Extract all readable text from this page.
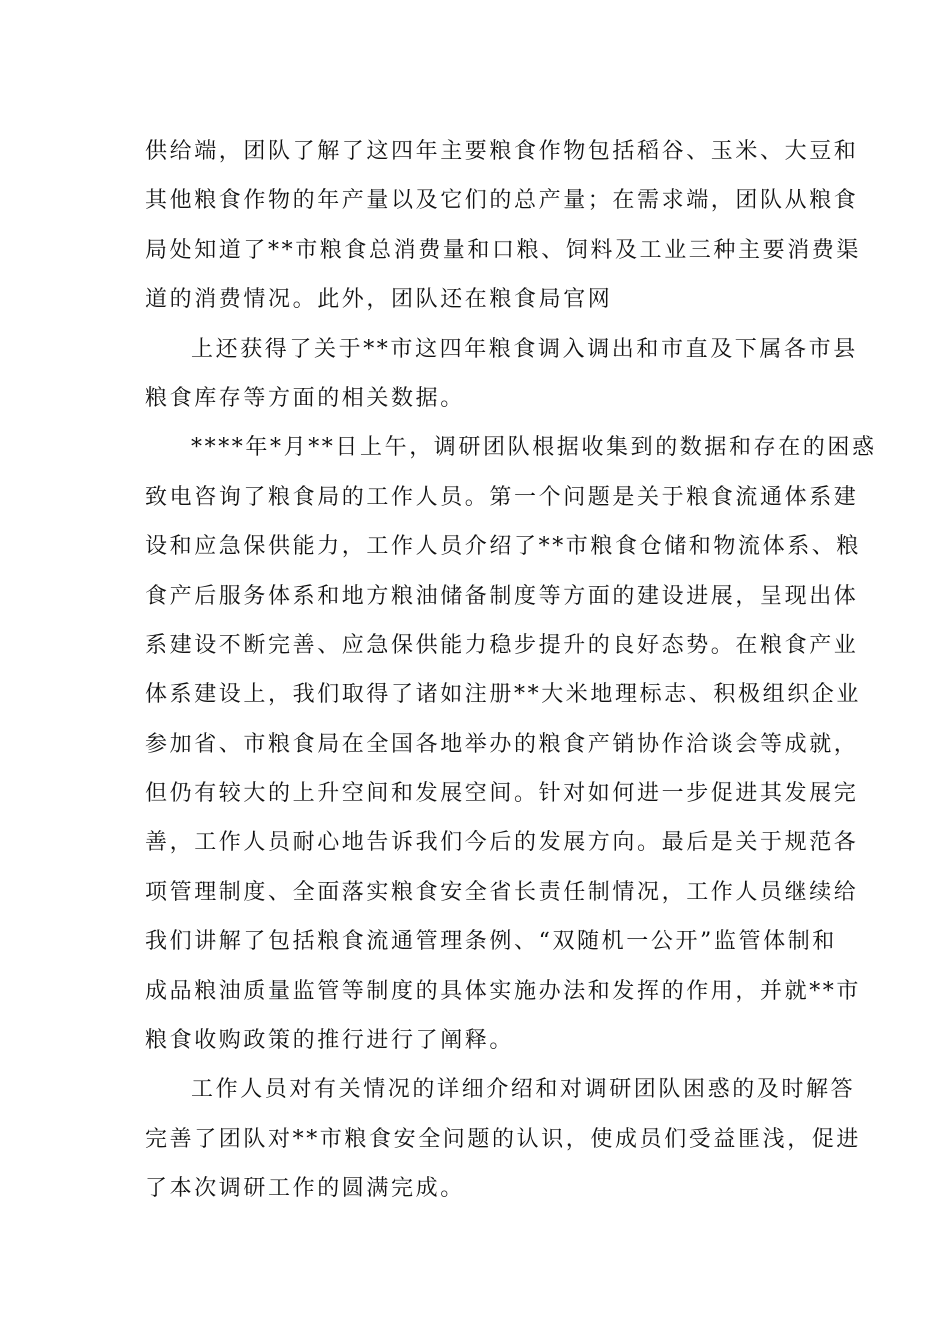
供给端，团队了解了这四年主要粮食作物包括稻谷、玉米、大豆和
其他粮食作物的年产量以及它们的总产量；在需求端，团队从粮食
局处知道了**市粮食总消费量和口粮、饲料及工业三种主要消费渠
道的消费情况。此外，团队还在粮食局官网
上还获得了关于**市这四年粮食调入调出和市直及下属各市县
粮食库存等方面的相关数据。
****年*月**日上午，调研团队根据收集到的数据和存在的困惑
致电咨询了粮食局的工作人员。第一个问题是关于粮食流通体系建
设和应急保供能力，工作人员介绍了**市粮食仓储和物流体系、粮
食产后服务体系和地方粮油储备制度等方面的建设进展，呈现出体
系建设不断完善、应急保供能力稳步提升的良好态势。在粮食产业
体系建设上，我们取得了诸如注册**大米地理标志、积极组织企业
参加省、市粮食局在全国各地举办的粮食产销协作洽谈会等成就，
但仍有较大的上升空间和发展空间。针对如何进一步促进其发展完
善，工作人员耐心地告诉我们今后的发展方向。最后是关于规范各
项管理制度、全面落实粮食安全省长责任制情况，工作人员继续给
我们讲解了包括粮食流通管理条例、“双随机一公开”监管体制和
成品粮油质量监管等制度的具体实施办法和发挥的作用，并就**市
粮食收购政策的推行进行了阐释。
工作人员对有关情况的详细介绍和对调研团队困惑的及时解答
完善了团队对**市粮食安全问题的认识，使成员们受益匪浅，促进
了本次调研工作的圆满完成。
